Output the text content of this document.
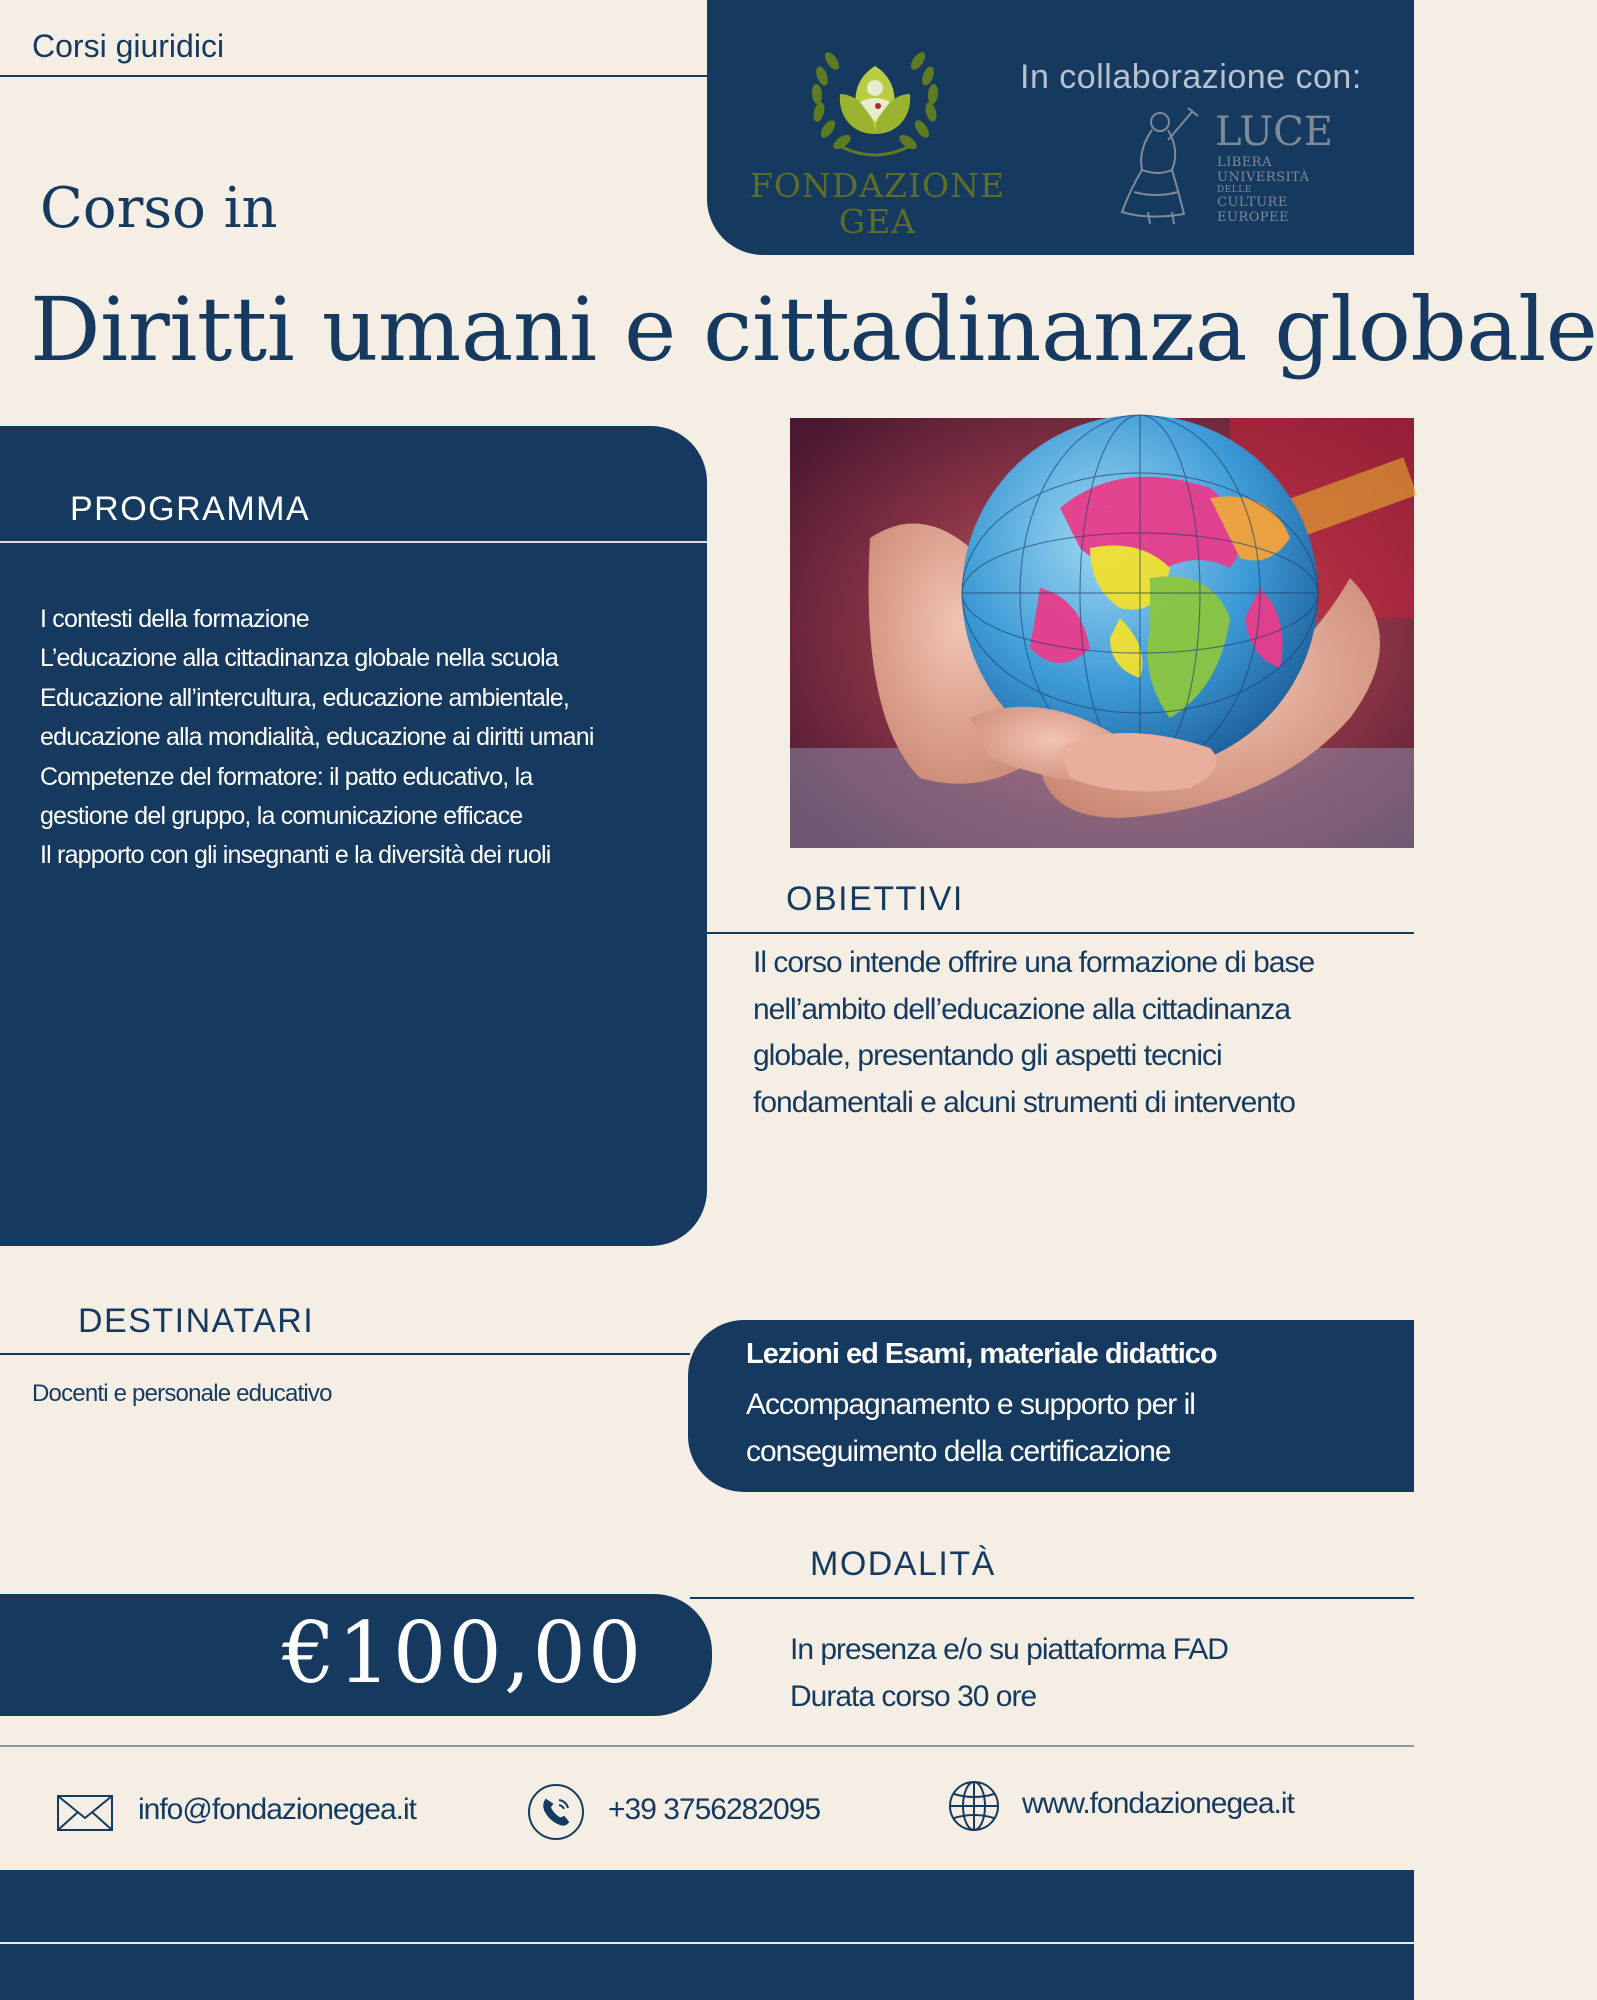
Corsi giuridici
FONDAZIONE
GEA
In collaborazione con:
LUCE
LIBERA
UNIVERSITÀ
DELLE
CULTURE
EUROPEE
Corso in
Diritti umani e cittadinanza globale
PROGRAMMA
I contesti della formazione
L’educazione alla cittadinanza globale nella scuola
Educazione all’intercultura, educazione ambientale,
educazione alla mondialità, educazione ai diritti umani
Competenze del formatore: il patto educativo, la
gestione del gruppo, la comunicazione efficace
Il rapporto con gli insegnanti e la diversità dei ruoli
OBIETTIVI
Il corso intende offrire una formazione di base
nell’ambito dell’educazione alla cittadinanza
globale, presentando gli aspetti tecnici
fondamentali e alcuni strumenti di intervento
DESTINATARI
Docenti e personale educativo
Lezioni ed Esami, materiale didattico
Accompagnamento e supporto per il
conseguimento della certificazione
MODALITÀ
€100,00	In presenza e/o su piattaforma FAD
Durata corso 30 ore
info@fondazionegea.it	+39 3756282095	www.fondazionegea.it
